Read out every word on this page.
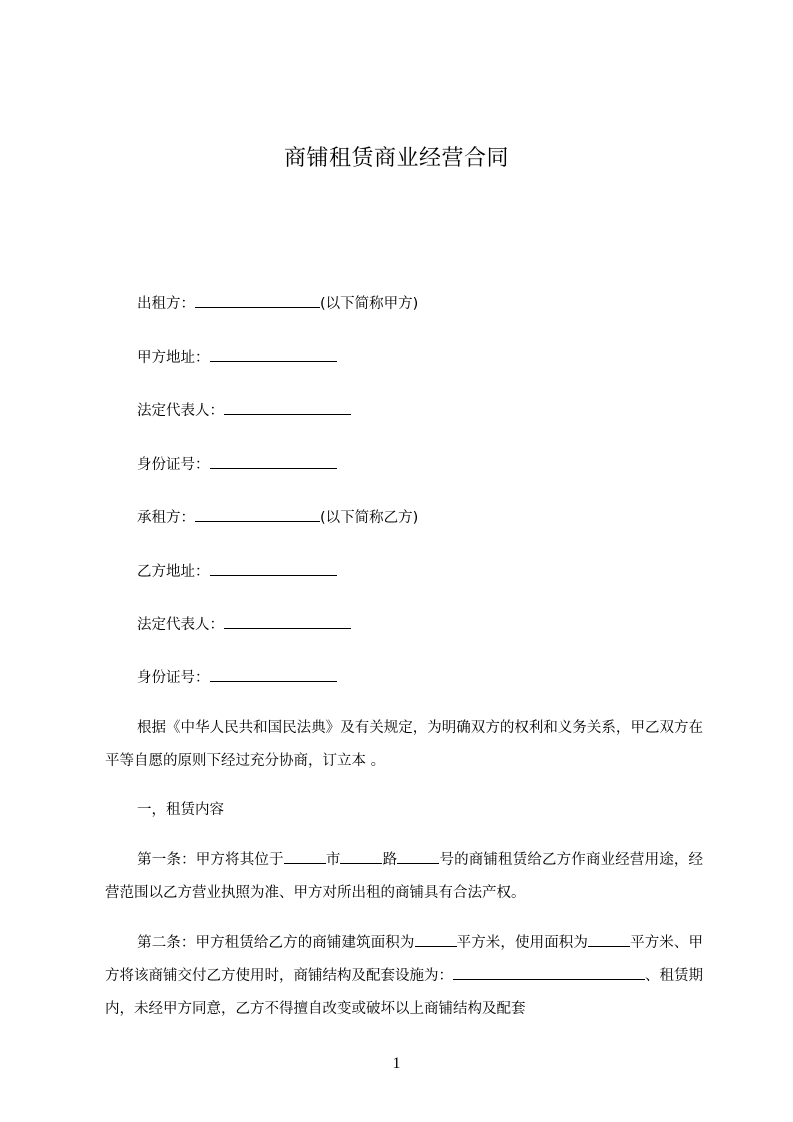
商铺租赁商业经营合同
出租方：	(以下简称甲方)
甲方地址：
法定代表人：
身份证号：
承租方：	(以下简称乙方)
乙方地址：
法定代表人：
身份证号：
根据《中华人民共和国民法典》及有关规定，为明确双方的权利和义务关系，甲乙双方在平等自愿的原则下经过充分协商，订立本 。
一，租赁内容
第一条：甲方将其位于	市	路	号的商铺租赁给乙方作商业经营用途，经营范围以乙方营业执照为准、甲方对所出租的商铺具有合法产权。
第二条：甲方租赁给乙方的商铺建筑面积为	平方米，使用面积为	平方米、甲方将该商铺交付乙方使用时，商铺结构及配套设施为：	、租赁期内，未经甲方同意，乙方不得擅自改变或破坏以上商铺结构及配套
1
